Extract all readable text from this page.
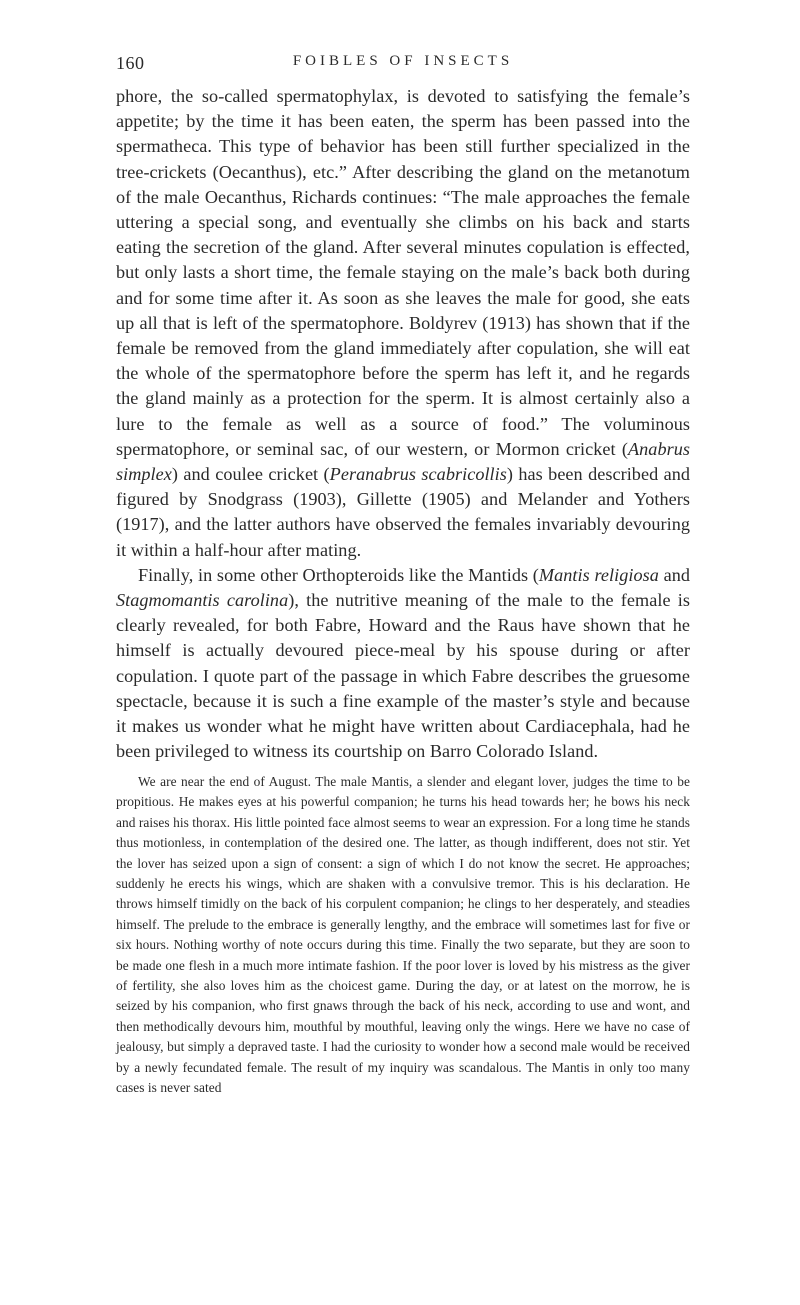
160	FOIBLES OF INSECTS

phore, the so-called spermatophylax, is devoted to satisfying the female’s appetite; by the time it has been eaten, the sperm has been passed into the spermatheca. This type of behavior has been still further specialized in the tree-crickets (Oecanthus), etc.” After describing the gland on the metanotum of the male Oecanthus, Richards continues: “The male approaches the female uttering a special song, and eventually she climbs on his back and starts eating the secretion of the gland. After several minutes copulation is effected, but only lasts a short time, the female staying on the male’s back both during and for some time after it. As soon as she leaves the male for good, she eats up all that is left of the spermatophore. Boldyrev (1913) has shown that if the female be removed from the gland immediately after copulation, she will eat the whole of the spermatophore before the sperm has left it, and he regards the gland mainly as a protection for the sperm. It is almost certainly also a lure to the female as well as a source of food.” The voluminous spermatophore, or seminal sac, of our western, or Mormon cricket (Anabrus simplex) and coulee cricket (Peranabrus scabricollis) has been described and figured by Snodgrass (1903), Gillette (1905) and Melander and Yothers (1917), and the latter authors have observed the females invariably devouring it within a half-hour after mating.

Finally, in some other Orthopteroids like the Mantids (Mantis religiosa and Stagmomantis carolina), the nutritive meaning of the male to the female is clearly revealed, for both Fabre, Howard and the Raus have shown that he himself is actually devoured piece-meal by his spouse during or after copulation. I quote part of the passage in which Fabre describes the gruesome spectacle, because it is such a fine example of the master’s style and because it makes us wonder what he might have written about Cardiacephala, had he been privileged to witness its courtship on Barro Colorado Island.

We are near the end of August. The male Mantis, a slender and elegant lover, judges the time to be propitious. He makes eyes at his powerful companion; he turns his head towards her; he bows his neck and raises his thorax. His little pointed face almost seems to wear an expression. For a long time he stands thus motionless, in contemplation of the desired one. The latter, as though indifferent, does not stir. Yet the lover has seized upon a sign of consent: a sign of which I do not know the secret. He approaches; suddenly he erects his wings, which are shaken with a convulsive tremor. This is his declaration. He throws himself timidly on the back of his corpulent companion; he clings to her desperately, and steadies himself. The prelude to the embrace is generally lengthy, and the embrace will sometimes last for five or six hours. Nothing worthy of note occurs during this time. Finally the two separate, but they are soon to be made one flesh in a much more intimate fashion. If the poor lover is loved by his mistress as the giver of fertility, she also loves him as the choicest game. During the day, or at latest on the morrow, he is seized by his companion, who first gnaws through the back of his neck, according to use and wont, and then methodically devours him, mouthful by mouthful, leaving only the wings. Here we have no case of jealousy, but simply a depraved taste. I had the curiosity to wonder how a second male would be received by a newly fecundated female. The result of my inquiry was scandalous. The Mantis in only too many cases is never sated
